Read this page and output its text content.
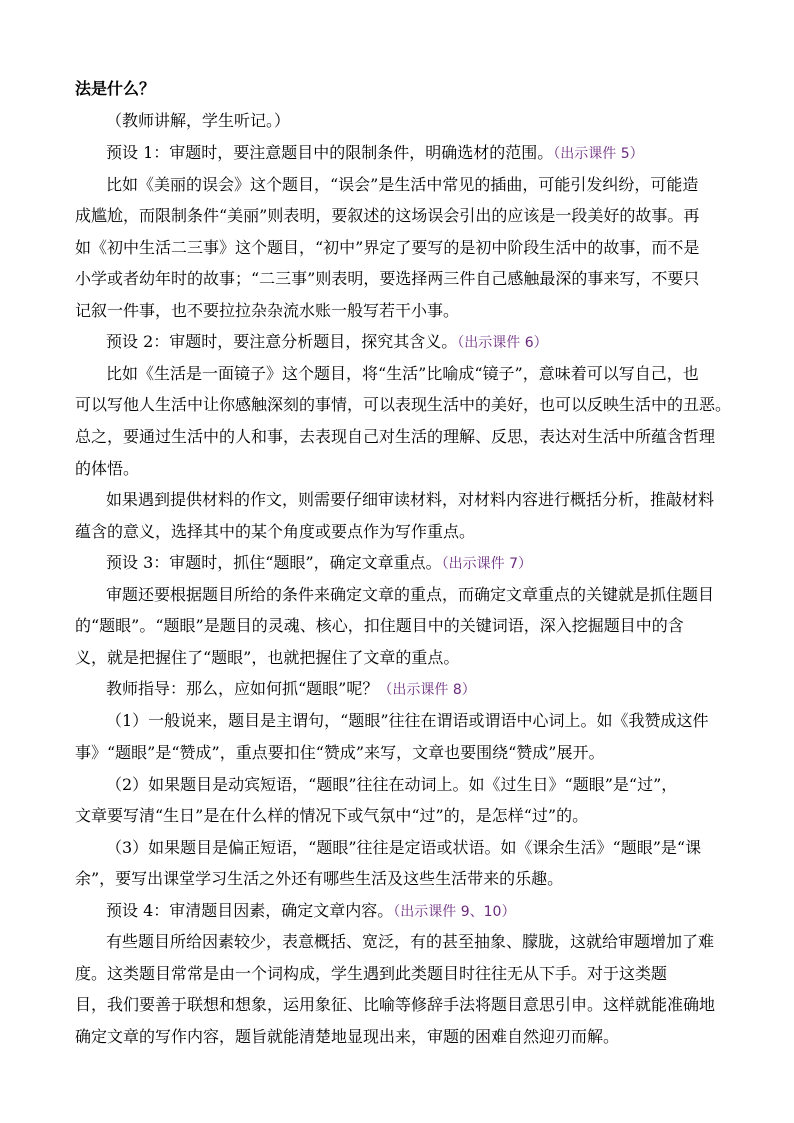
法是什么？
（教师讲解，学生听记。）
预设 1：审题时，要注意题目中的限制条件，明确选材的范围。（出示课件 5）
比如《美丽的误会》这个题目，“误会”是生活中常见的插曲，可能引发纠纷，可能造
成尴尬，而限制条件“美丽”则表明，要叙述的这场误会引出的应该是一段美好的故事。再
如《初中生活二三事》这个题目，“初中”界定了要写的是初中阶段生活中的故事，而不是
小学或者幼年时的故事；“二三事”则表明，要选择两三件自己感触最深的事来写，不要只
记叙一件事，也不要拉拉杂杂流水账一般写若干小事。
预设 2：审题时，要注意分析题目，探究其含义。（出示课件 6）
比如《生活是一面镜子》这个题目，将“生活”比喻成“镜子”，意味着可以写自己，也
可以写他人生活中让你感触深刻的事情，可以表现生活中的美好，也可以反映生活中的丑恶。
总之，要通过生活中的人和事，去表现自己对生活的理解、反思，表达对生活中所蕴含哲理
的体悟。
如果遇到提供材料的作文，则需要仔细审读材料，对材料内容进行概括分析，推敲材料
蕴含的意义，选择其中的某个角度或要点作为写作重点。
预设 3：审题时，抓住“题眼”，确定文章重点。（出示课件 7）
审题还要根据题目所给的条件来确定文章的重点，而确定文章重点的关键就是抓住题目
的“题眼”。“题眼”是题目的灵魂、核心，扣住题目中的关键词语，深入挖掘题目中的含
义，就是把握住了“题眼”，也就把握住了文章的重点。
教师指导：那么，应如何抓“题眼”呢？（出示课件 8）
（1）一般说来，题目是主谓句，“题眼”往往在谓语或谓语中心词上。如《我赞成这件
事》“题眼”是“赞成”，重点要扣住“赞成”来写，文章也要围绕“赞成”展开。
（2）如果题目是动宾短语，“题眼”往往在动词上。如《过生日》“题眼”是“过”，
文章要写清“生日”是在什么样的情况下或气氛中“过”的，是怎样“过”的。
（3）如果题目是偏正短语，“题眼”往往是定语或状语。如《课余生活》“题眼”是“课
余”，要写出课堂学习生活之外还有哪些生活及这些生活带来的乐趣。
预设 4：审清题目因素，确定文章内容。（出示课件 9、10）
有些题目所给因素较少，表意概括、宽泛，有的甚至抽象、朦胧，这就给审题增加了难
度。这类题目常常是由一个词构成，学生遇到此类题目时往往无从下手。对于这类题
目，我们要善于联想和想象，运用象征、比喻等修辞手法将题目意思引申。这样就能准确地
确定文章的写作内容，题旨就能清楚地显现出来，审题的困难自然迎刃而解。
